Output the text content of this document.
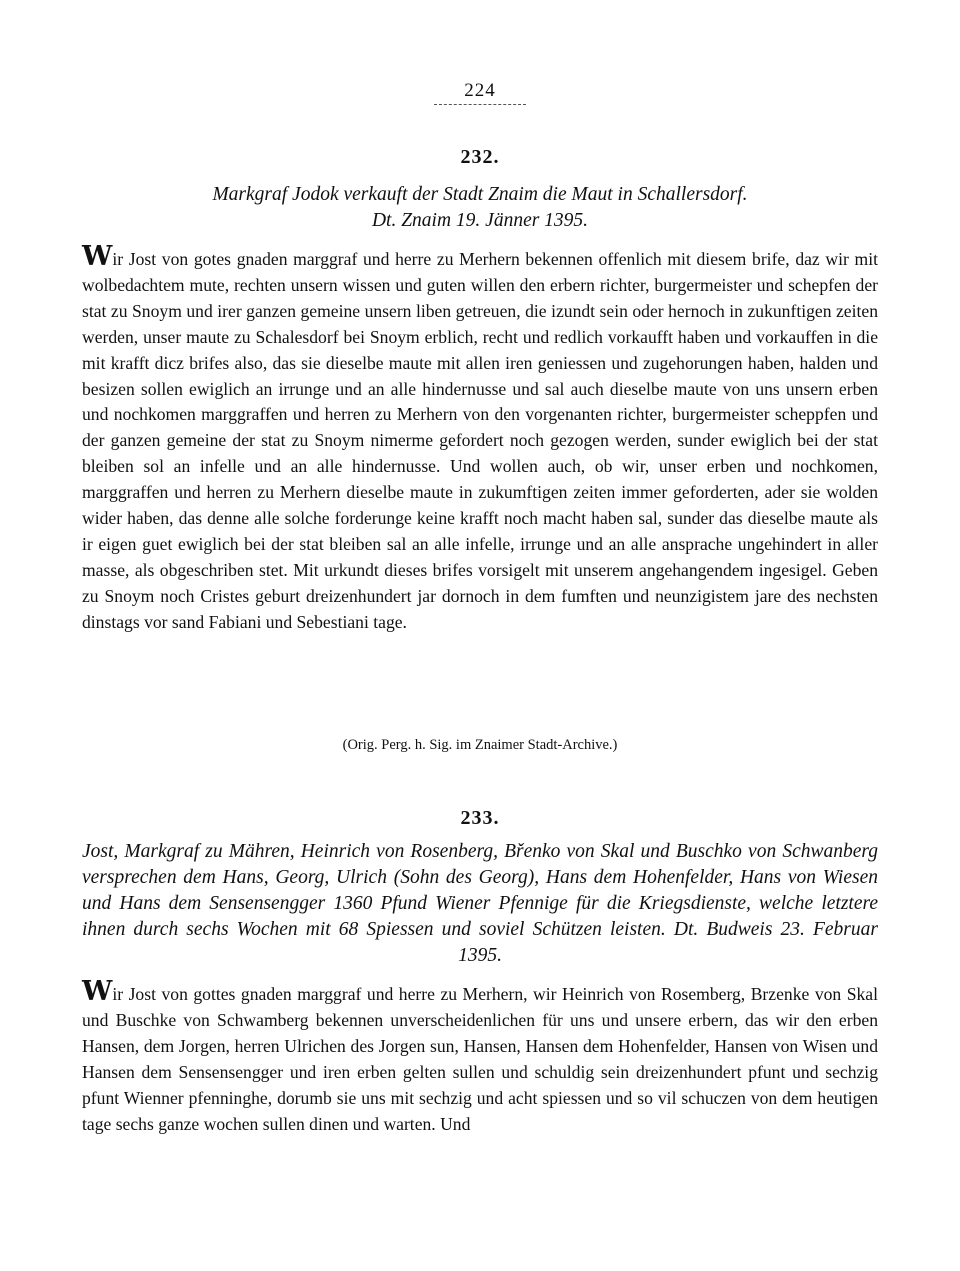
224
232.
Markgraf Jodok verkauft der Stadt Znaim die Maut in Schallersdorf.
Dt. Znaim 19. Jänner 1395.
Wir Jost von gotes gnaden marggraf und herre zu Merhern bekennen offenlich mit diesem brife, daz wir mit wolbedachtem mute, rechten unsern wissen und guten willen den erbern richter, burgermeister und schepfen der stat zu Snoym und irer ganzen gemeine unsern liben getreuen, die izundt sein oder hernoch in zukunftigen zeiten werden, unser maute zu Schalesdorf bei Snoym erblich, recht und redlich vorkaufft haben und vorkauffen in die mit krafft dicz brifes also, das sie dieselbe maute mit allen iren geniessen und zugehorungen haben, halden und besizen sollen ewiglich an irrunge und an alle hindernusse und sal auch dieselbe maute von uns unsern erben und nochkomen marggraffen und herren zu Merhern von den vorgenanten richter, burgermeister scheppfen und der ganzen gemeine der stat zu Snoym nimerme gefordert noch gezogen werden, sunder ewiglich bei der stat bleiben sol an infelle und an alle hindernusse. Und wollen auch, ob wir, unser erben und nochkomen, marggraffen und herren zu Merhern dieselbe maute in zukumftigen zeiten immer geforderten, ader sie wolden wider haben, das denne alle solche forderunge keine krafft noch macht haben sal, sunder das dieselbe maute als ir eigen guet ewiglich bei der stat bleiben sal an alle infelle, irrunge und an alle ansprache ungehindert in aller masse, als obgeschriben stet. Mit urkundt dieses brifes vorsigelt mit unserem angehangendem ingesigel. Geben zu Snoym noch Cristes geburt dreizenhundert jar dornoch in dem fumften und neunzigistem jare des nechsten dinstags vor sand Fabiani und Sebestiani tage.
(Orig. Perg. h. Sig. im Znaimer Stadt-Archive.)
233.
Jost, Markgraf zu Mähren, Heinrich von Rosenberg, Břenko von Skal und Buschko von Schwanberg versprechen dem Hans, Georg, Ulrich (Sohn des Georg), Hans dem Hohenfelder, Hans von Wiesen und Hans dem Sensensengger 1360 Pfund Wiener Pfennige für die Kriegsdienste, welche letztere ihnen durch sechs Wochen mit 68 Spiessen und soviel Schützen leisten. Dt. Budweis 23. Februar 1395.
Wir Jost von gottes gnaden marggraf und herre zu Merhern, wir Heinrich von Rosemberg, Brzenke von Skal und Buschke von Schwamberg bekennen unverscheidenlichen für uns und unsere erbern, das wir den erben Hansen, dem Jorgen, herren Ulrichen des Jorgen sun, Hansen, Hansen dem Hohenfelder, Hansen von Wisen und Hansen dem Sensensengger und iren erben gelten sullen und schuldig sein dreizenhundert pfunt und sechzig pfunt Wienner pfenninghe, dorumb sie uns mit sechzig und acht spiessen und so vil schuczen von dem heutigen tage sechs ganze wochen sullen dinen und warten. Und
